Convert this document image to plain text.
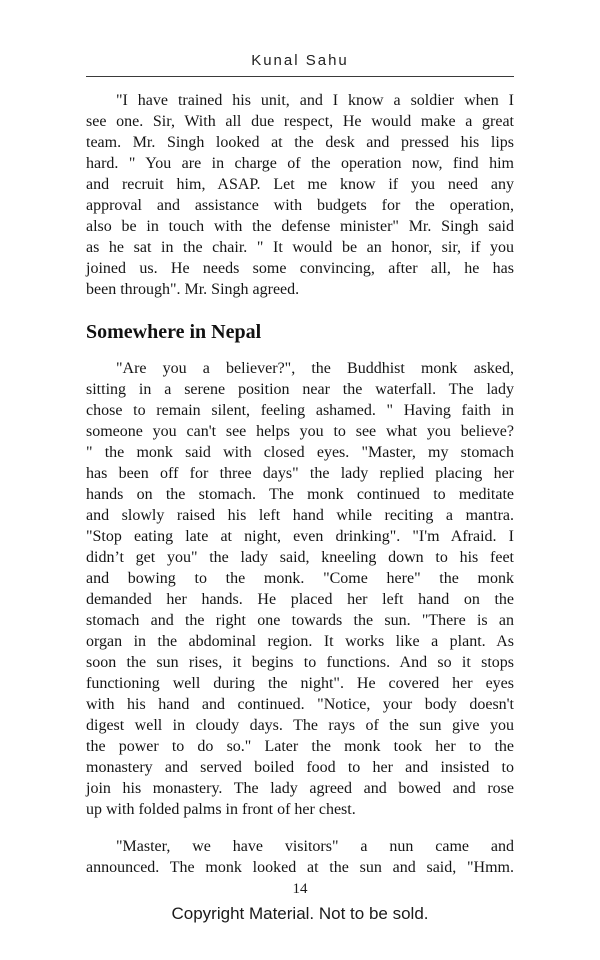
Kunal Sahu
"I have trained his unit, and I know a soldier when I
see one. Sir, With all due respect, He would make a great
team. Mr. Singh looked at the desk and pressed his lips
hard. " You are in charge of the operation now, find him
and recruit him, ASAP. Let me know if you need any
approval and assistance with budgets for the operation,
also be in touch with the defense minister" Mr. Singh said
as he sat in the chair. " It would be an honor, sir, if you
joined us. He needs some convincing, after all, he has
been through". Mr. Singh agreed.
Somewhere in Nepal
"Are you a believer?", the Buddhist monk asked,
sitting in a serene position near the waterfall. The lady
chose to remain silent, feeling ashamed. " Having faith in
someone you can't see helps you to see what you believe?
" the monk said with closed eyes. "Master, my stomach
has been off for three days" the lady replied placing her
hands on the stomach. The monk continued to meditate
and slowly raised his left hand while reciting a mantra.
"Stop eating late at night, even drinking". "I'm Afraid. I
didn’t get you" the lady said, kneeling down to his feet
and bowing to the monk. "Come here" the monk
demanded her hands. He placed her left hand on the
stomach and the right one towards the sun. "There is an
organ in the abdominal region. It works like a plant. As
soon the sun rises, it begins to functions. And so it stops
functioning well during the night". He covered her eyes
with his hand and continued. "Notice, your body doesn't
digest well in cloudy days. The rays of the sun give you
the power to do so." Later the monk took her to the
monastery and served boiled food to her and insisted to
join his monastery. The lady agreed and bowed and rose
up with folded palms in front of her chest.
"Master, we have visitors" a nun came and
announced. The monk looked at the sun and said, "Hmm.
14
Copyright Material. Not to be sold.
